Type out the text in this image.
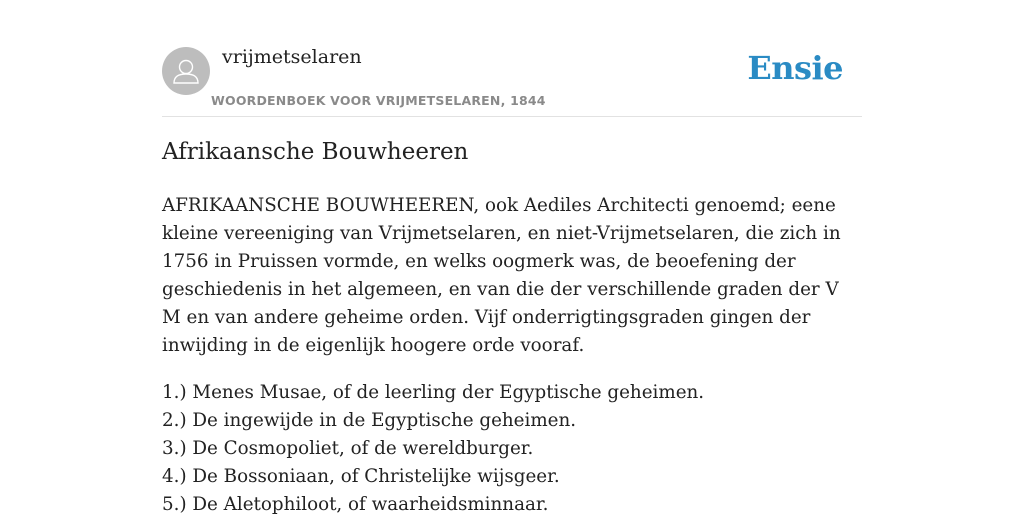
vrijmetselaren
WOORDENBOEK VOOR VRIJMETSELAREN, 1844
Ensie
Afrikaansche Bouwheeren

AFRIKAANSCHE BOUWHEEREN, ook Aediles Architecti genoemd; eene kleine vereeniging van Vrijmetselaren, en niet-Vrijmetselaren, die zich in 1756 in Pruissen vormde, en welks oogmerk was, de beoefening der geschiedenis in het algemeen, en van die der verschillende graden der V M en van andere geheime orden. Vijf onderrigtingsgraden gingen der inwijding in de eigenlijk hoogere orde vooraf.

1.) Menes Musae, of de leerling der Egyptische geheimen.
2.) De ingewijde in de Egyptische geheimen.
3.) De Cosmopoliet, of de wereldburger.
4.) De Bossoniaan, of Christelijke wijsgeer.
5.) De Aletophiloot, of waarheidsminnaar.
